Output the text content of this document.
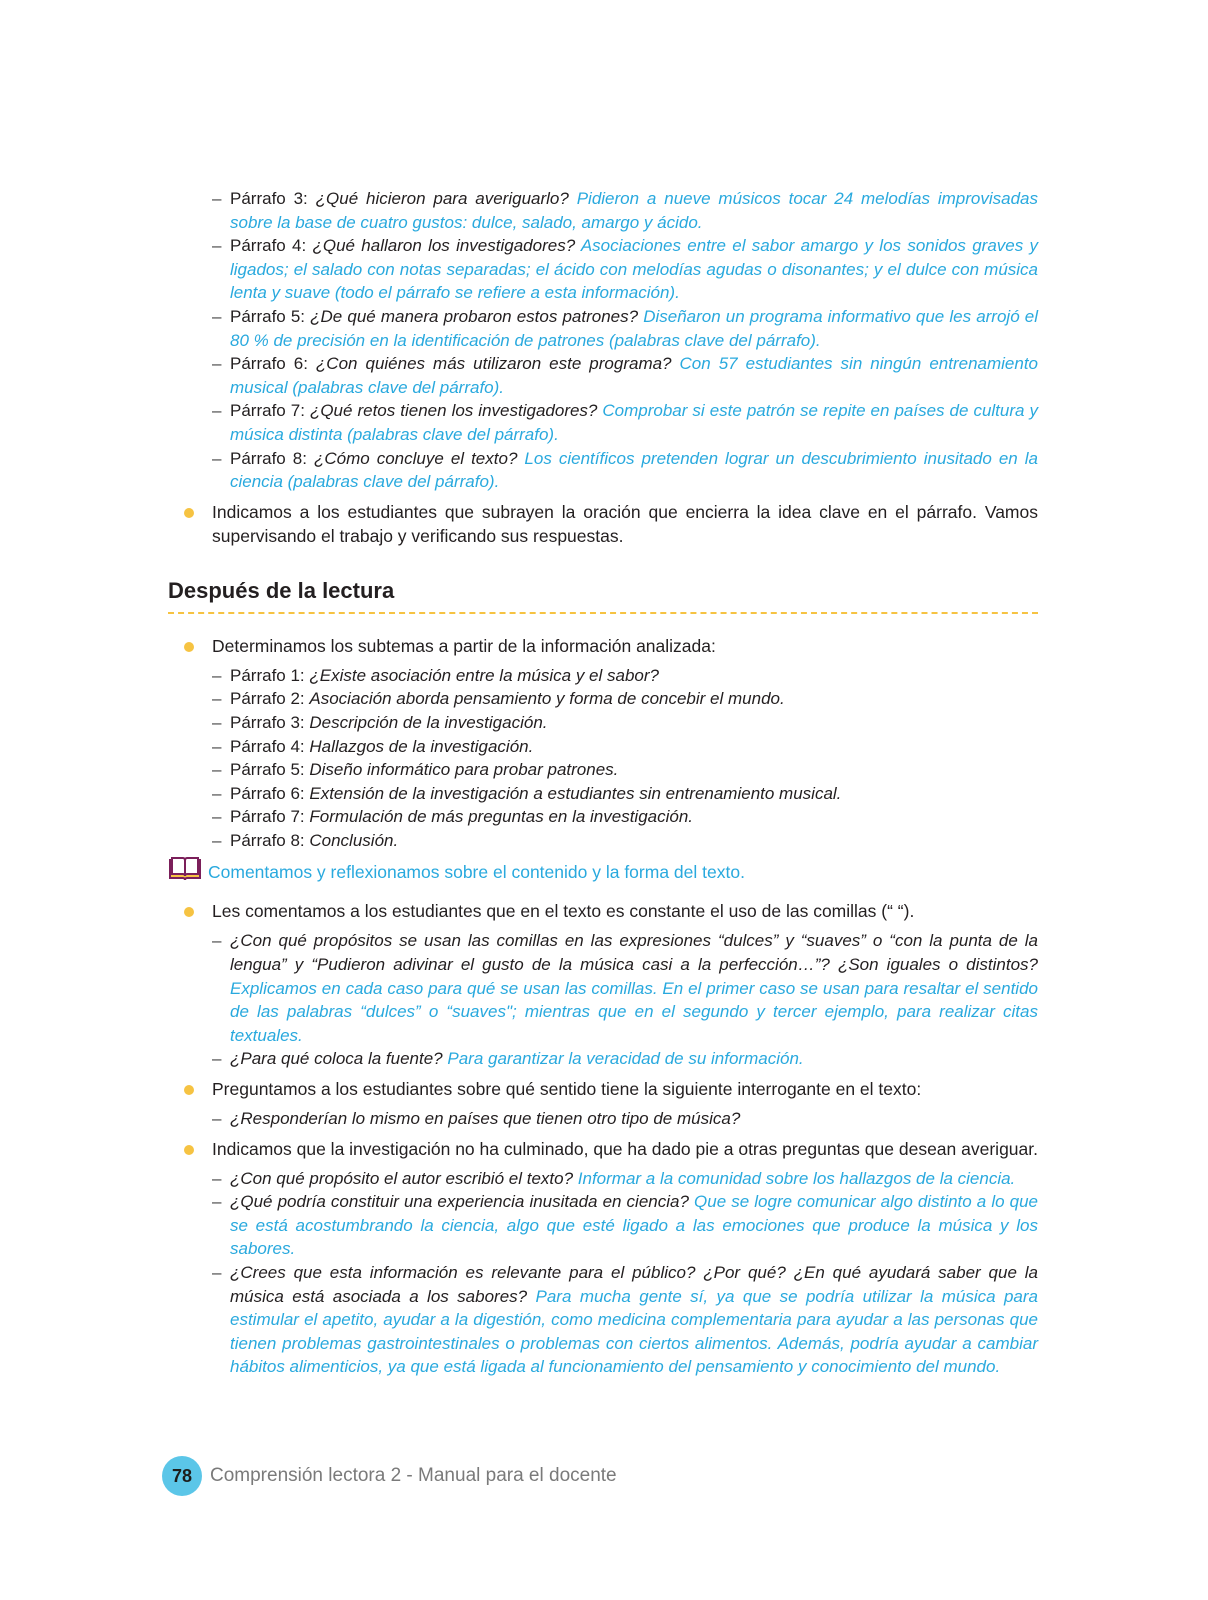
– Párrafo 3: ¿Qué hicieron para averiguarlo? Pidieron a nueve músicos tocar 24 melodías improvisadas sobre la base de cuatro gustos: dulce, salado, amargo y ácido.
– Párrafo 4: ¿Qué hallaron los investigadores? Asociaciones entre el sabor amargo y los sonidos graves y ligados; el salado con notas separadas; el ácido con melodías agudas o disonantes; y el dulce con música lenta y suave (todo el párrafo se refiere a esta información).
– Párrafo 5: ¿De qué manera probaron estos patrones? Diseñaron un programa informativo que les arrojó el 80 % de precisión en la identificación de patrones (palabras clave del párrafo).
– Párrafo 6: ¿Con quiénes más utilizaron este programa? Con 57 estudiantes sin ningún entrenamiento musical (palabras clave del párrafo).
– Párrafo 7: ¿Qué retos tienen los investigadores? Comprobar si este patrón se repite en países de cultura y música distinta (palabras clave del párrafo).
– Párrafo 8: ¿Cómo concluye el texto? Los científicos pretenden lograr un descubrimiento inusitado en la ciencia (palabras clave del párrafo).
Indicamos a los estudiantes que subrayen la oración que encierra la idea clave en el párrafo. Vamos supervisando el trabajo y verificando sus respuestas.
Después de la lectura
Determinamos los subtemas a partir de la información analizada:
– Párrafo 1: ¿Existe asociación entre la música y el sabor?
– Párrafo 2: Asociación aborda pensamiento y forma de concebir el mundo.
– Párrafo 3: Descripción de la investigación.
– Párrafo 4: Hallazgos de la investigación.
– Párrafo 5: Diseño informático para probar patrones.
– Párrafo 6: Extensión de la investigación a estudiantes sin entrenamiento musical.
– Párrafo 7: Formulación de más preguntas en la investigación.
– Párrafo 8: Conclusión.
Comentamos y reflexionamos sobre el contenido y la forma del texto.
Les comentamos a los estudiantes que en el texto es constante el uso de las comillas (“ “).
– ¿Con qué propósitos se usan las comillas en las expresiones “dulces” y “suaves” o “con la punta de la lengua” y “Pudieron adivinar el gusto de la música casi a la perfección…”? ¿Son iguales o distintos? Explicamos en cada caso para qué se usan las comillas. En el primer caso se usan para resaltar el sentido de las palabras “dulces” o “suaves"; mientras que en el segundo y tercer ejemplo, para realizar citas textuales.
– ¿Para qué coloca la fuente? Para garantizar la veracidad de su información.
Preguntamos a los estudiantes sobre qué sentido tiene la siguiente interrogante en el texto:
– ¿Responderían lo mismo en países que tienen otro tipo de música?
Indicamos que la investigación no ha culminado, que ha dado pie a otras preguntas que desean averiguar.
– ¿Con qué propósito el autor escribió el texto? Informar a la comunidad sobre los hallazgos de la ciencia.
– ¿Qué podría constituir una experiencia inusitada en ciencia? Que se logre comunicar algo distinto a lo que se está acostumbrando la ciencia, algo que esté ligado a las emociones que produce la música y los sabores.
– ¿Crees que esta información es relevante para el público? ¿Por qué? ¿En qué ayudará saber que la música está asociada a los sabores? Para mucha gente sí, ya que se podría utilizar la música para estimular el apetito, ayudar a la digestión, como medicina complementaria para ayudar a las personas que tienen problemas gastrointestinales o problemas con ciertos alimentos. Además, podría ayudar a cambiar hábitos alimenticios, ya que está ligada al funcionamiento del pensamiento y conocimiento del mundo.
78 Comprensión lectora 2 - Manual para el docente
